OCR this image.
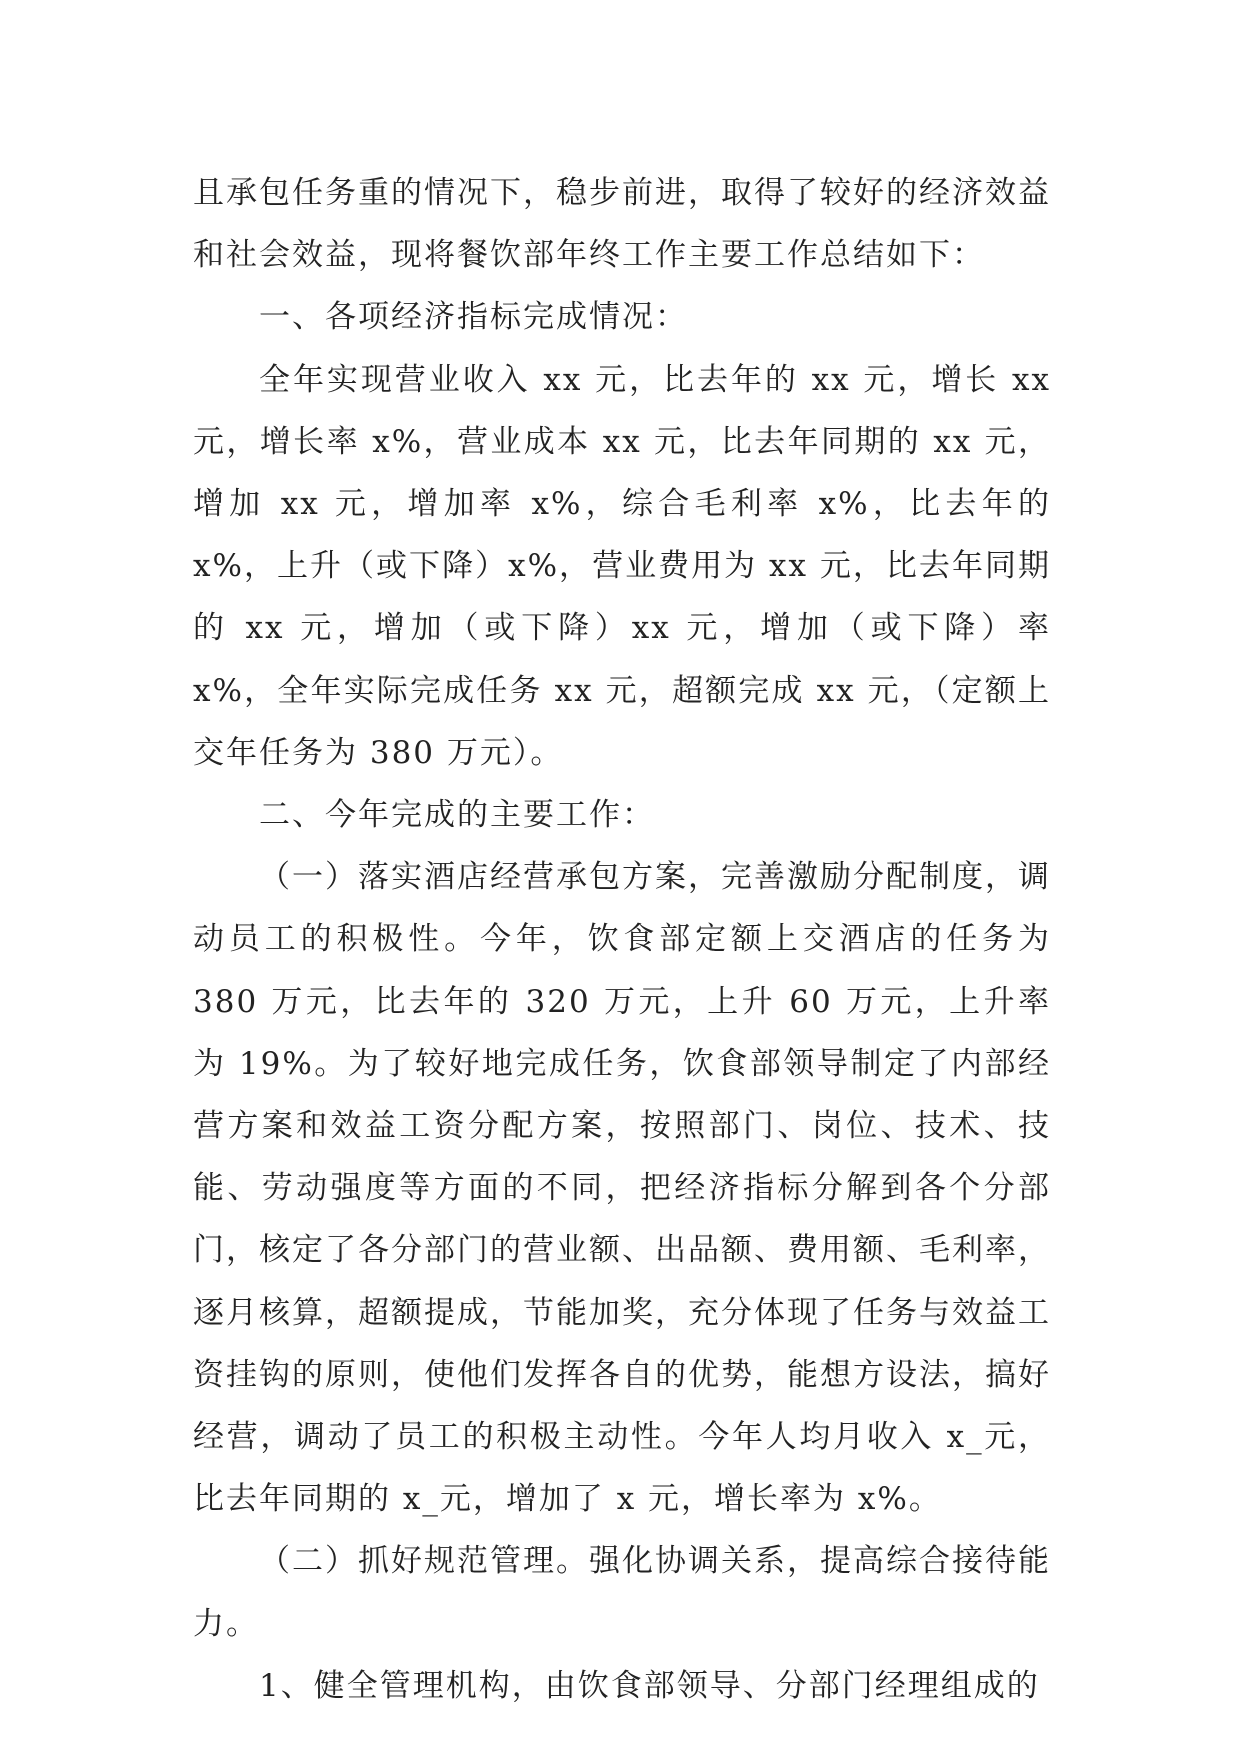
且承包任务重的情况下，稳步前进，取得了较好的经济效益和社会效益，现将餐饮部年终工作主要工作总结如下：

一、各项经济指标完成情况：

全年实现营业收入 xx 元，比去年的 xx 元，增长 xx 元，增长率 x%，营业成本 xx 元，比去年同期的 xx 元，增加 xx 元，增加率 x%，综合毛利率 x%，比去年的 x%，上升（或下降）x%，营业费用为 xx 元，比去年同期的 xx 元，增加（或下降）xx 元，增加（或下降）率 x%，全年实际完成任务 xx 元，超额完成 xx 元，（定额上交年任务为 380 万元）。

二、今年完成的主要工作：

（一）落实酒店经营承包方案，完善激励分配制度，调动员工的积极性。今年，饮食部定额上交酒店的任务为 380 万元，比去年的 320 万元，上升 60 万元，上升率为 19%。为了较好地完成任务，饮食部领导制定了内部经营方案和效益工资分配方案，按照部门、岗位、技术、技能、劳动强度等方面的不同，把经济指标分解到各个分部门，核定了各分部门的营业额、出品额、费用额、毛利率，逐月核算，超额提成，节能加奖，充分体现了任务与效益工资挂钩的原则，使他们发挥各自的优势，能想方设法，搞好经营，调动了员工的积极主动性。今年人均月收入 x_元，比去年同期的 x_元，增加了 x 元，增长率为 x%。

（二）抓好规范管理。强化协调关系，提高综合接待能力。

1、健全管理机构，由饮食部领导、分部门经理组成的
